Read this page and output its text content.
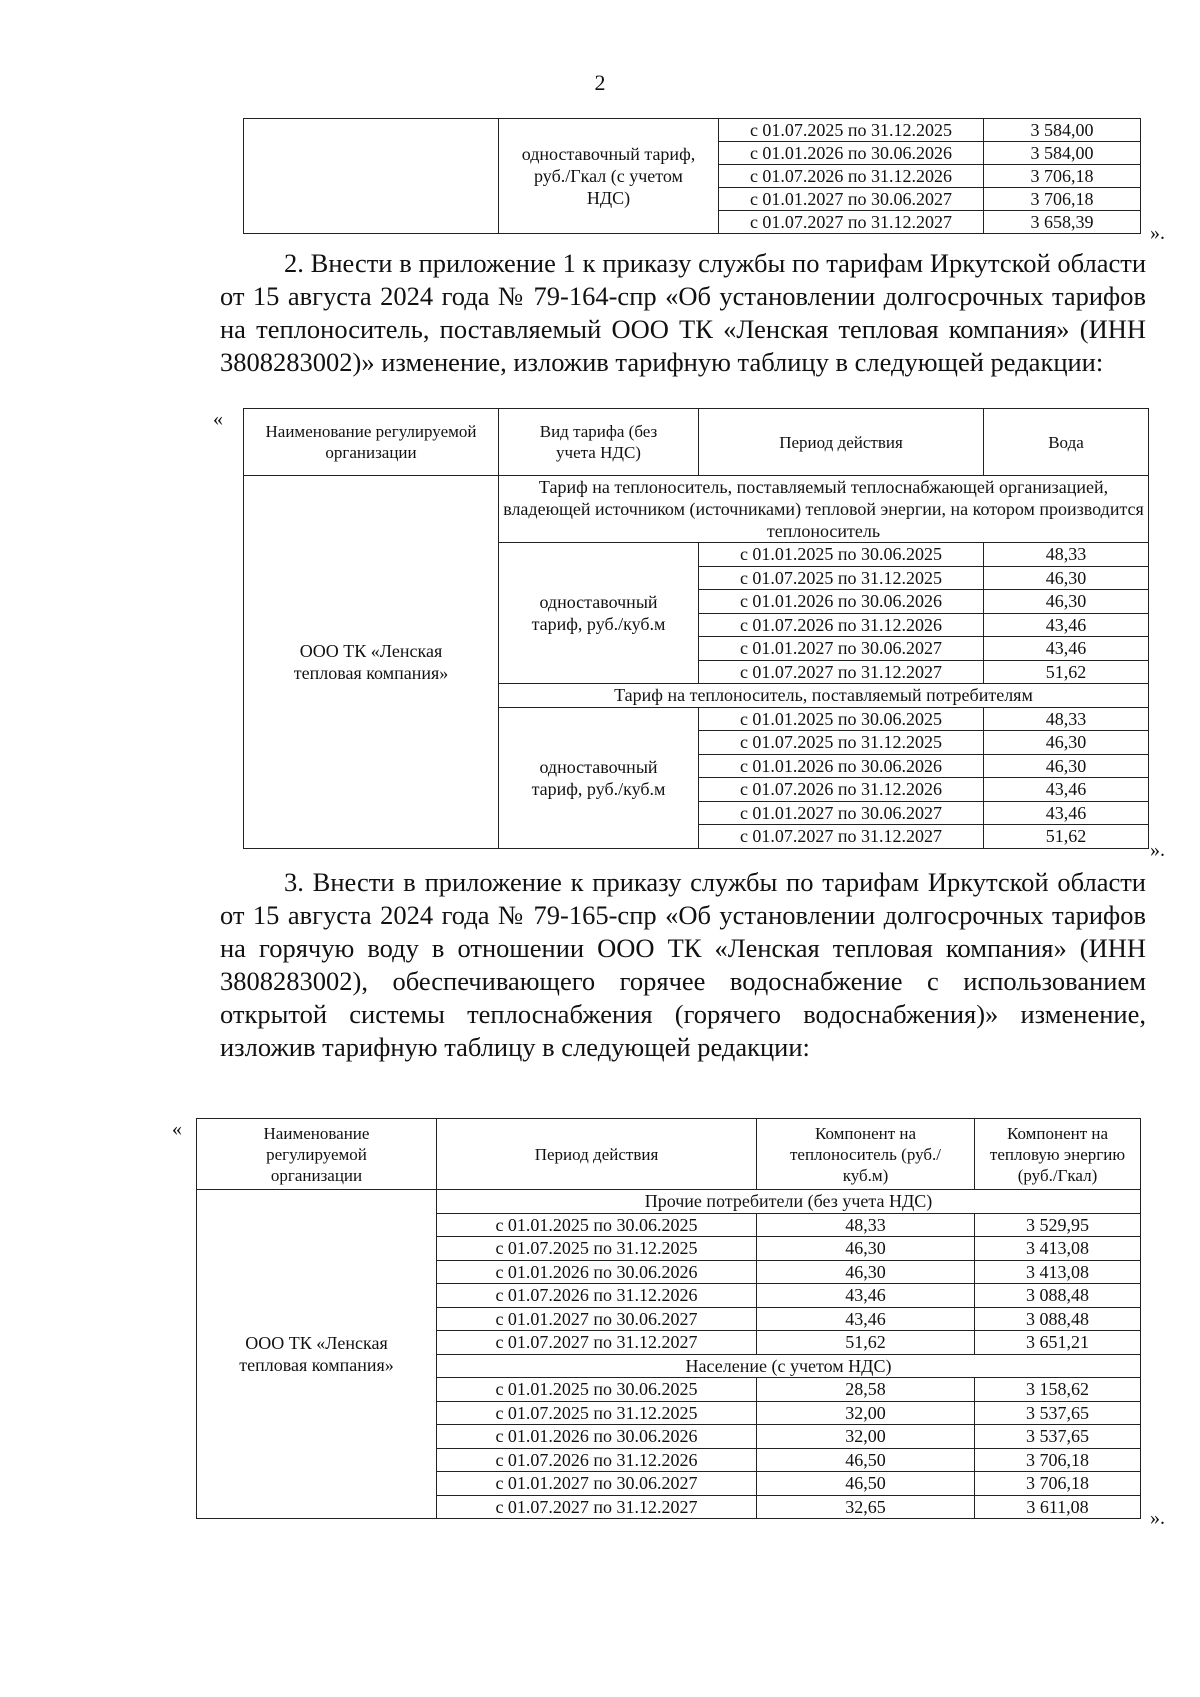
2
	одноставочный тариф, руб./Гкал (с учетом НДС)	с 01.07.2025 по 31.12.2025	3 584,00
		с 01.01.2026 по 30.06.2026	3 584,00
		с 01.07.2026 по 31.12.2026	3 706,18
		с 01.01.2027 по 30.06.2027	3 706,18
		с 01.07.2027 по 31.12.2027	3 658,39	».
2. Внести в приложение 1 к приказу службы по тарифам Иркутской области от 15 августа 2024 года № 79-164-спр «Об установлении долгосрочных тарифов на теплоноситель, поставляемый ООО ТК «Ленская тепловая компания» (ИНН 3808283002)» изменение, изложив тарифную таблицу в следующей редакции:
«
Наименование регулируемой организации	Вид тарифа (без учета НДС)	Период действия	Вода
ООО ТК «Ленская тепловая компания»	Тариф на теплоноситель, поставляемый теплоснабжающей организацией, владеющей источником (источниками) тепловой энергии, на котором производится теплоноситель		
	одноставочный тариф, руб./куб.м	с 01.01.2025 по 30.06.2025	48,33
		с 01.07.2025 по 31.12.2025	46,30
		с 01.01.2026 по 30.06.2026	46,30
		с 01.07.2026 по 31.12.2026	43,46
		с 01.01.2027 по 30.06.2027	43,46
		с 01.07.2027 по 31.12.2027	51,62
	Тариф на теплоноситель, поставляемый потребителям		
	одноставочный тариф, руб./куб.м	с 01.01.2025 по 30.06.2025	48,33
		с 01.07.2025 по 31.12.2025	46,30
		с 01.01.2026 по 30.06.2026	46,30
		с 01.07.2026 по 31.12.2026	43,46
		с 01.01.2027 по 30.06.2027	43,46
		с 01.07.2027 по 31.12.2027	51,62
».
3. Внести в приложение к приказу службы по тарифам Иркутской области от 15 августа 2024 года № 79-165-спр «Об установлении долгосрочных тарифов на горячую воду в отношении ООО ТК «Ленская тепловая компания» (ИНН 3808283002), обеспечивающего горячее водоснабжение с использованием открытой системы теплоснабжения (горячего водоснабжения)» изменение, изложив тарифную таблицу в следующей редакции:
«	Наименование регулируемой организации	Период действия	Компонент на теплоноситель (руб./куб.м)	Компонент на тепловую энергию (руб./Гкал)
ООО ТК «Ленская тепловая компания»	Прочие потребители (без учета НДС)		
	с 01.01.2025 по 30.06.2025	48,33	3 529,95
	с 01.07.2025 по 31.12.2025	46,30	3 413,08
	с 01.01.2026 по 30.06.2026	46,30	3 413,08
	с 01.07.2026 по 31.12.2026	43,46	3 088,48
	с 01.01.2027 по 30.06.2027	43,46	3 088,48
	с 01.07.2027 по 31.12.2027	51,62	3 651,21
	Население (с учетом НДС)		
	с 01.01.2025 по 30.06.2025	28,58	3 158,62
	с 01.07.2025 по 31.12.2025	32,00	3 537,65
	с 01.01.2026 по 30.06.2026	32,00	3 537,65
	с 01.07.2026 по 31.12.2026	46,50	3 706,18
	с 01.01.2027 по 30.06.2027	46,50	3 706,18
	с 01.07.2027 по 31.12.2027	32,65	3 611,08
».
